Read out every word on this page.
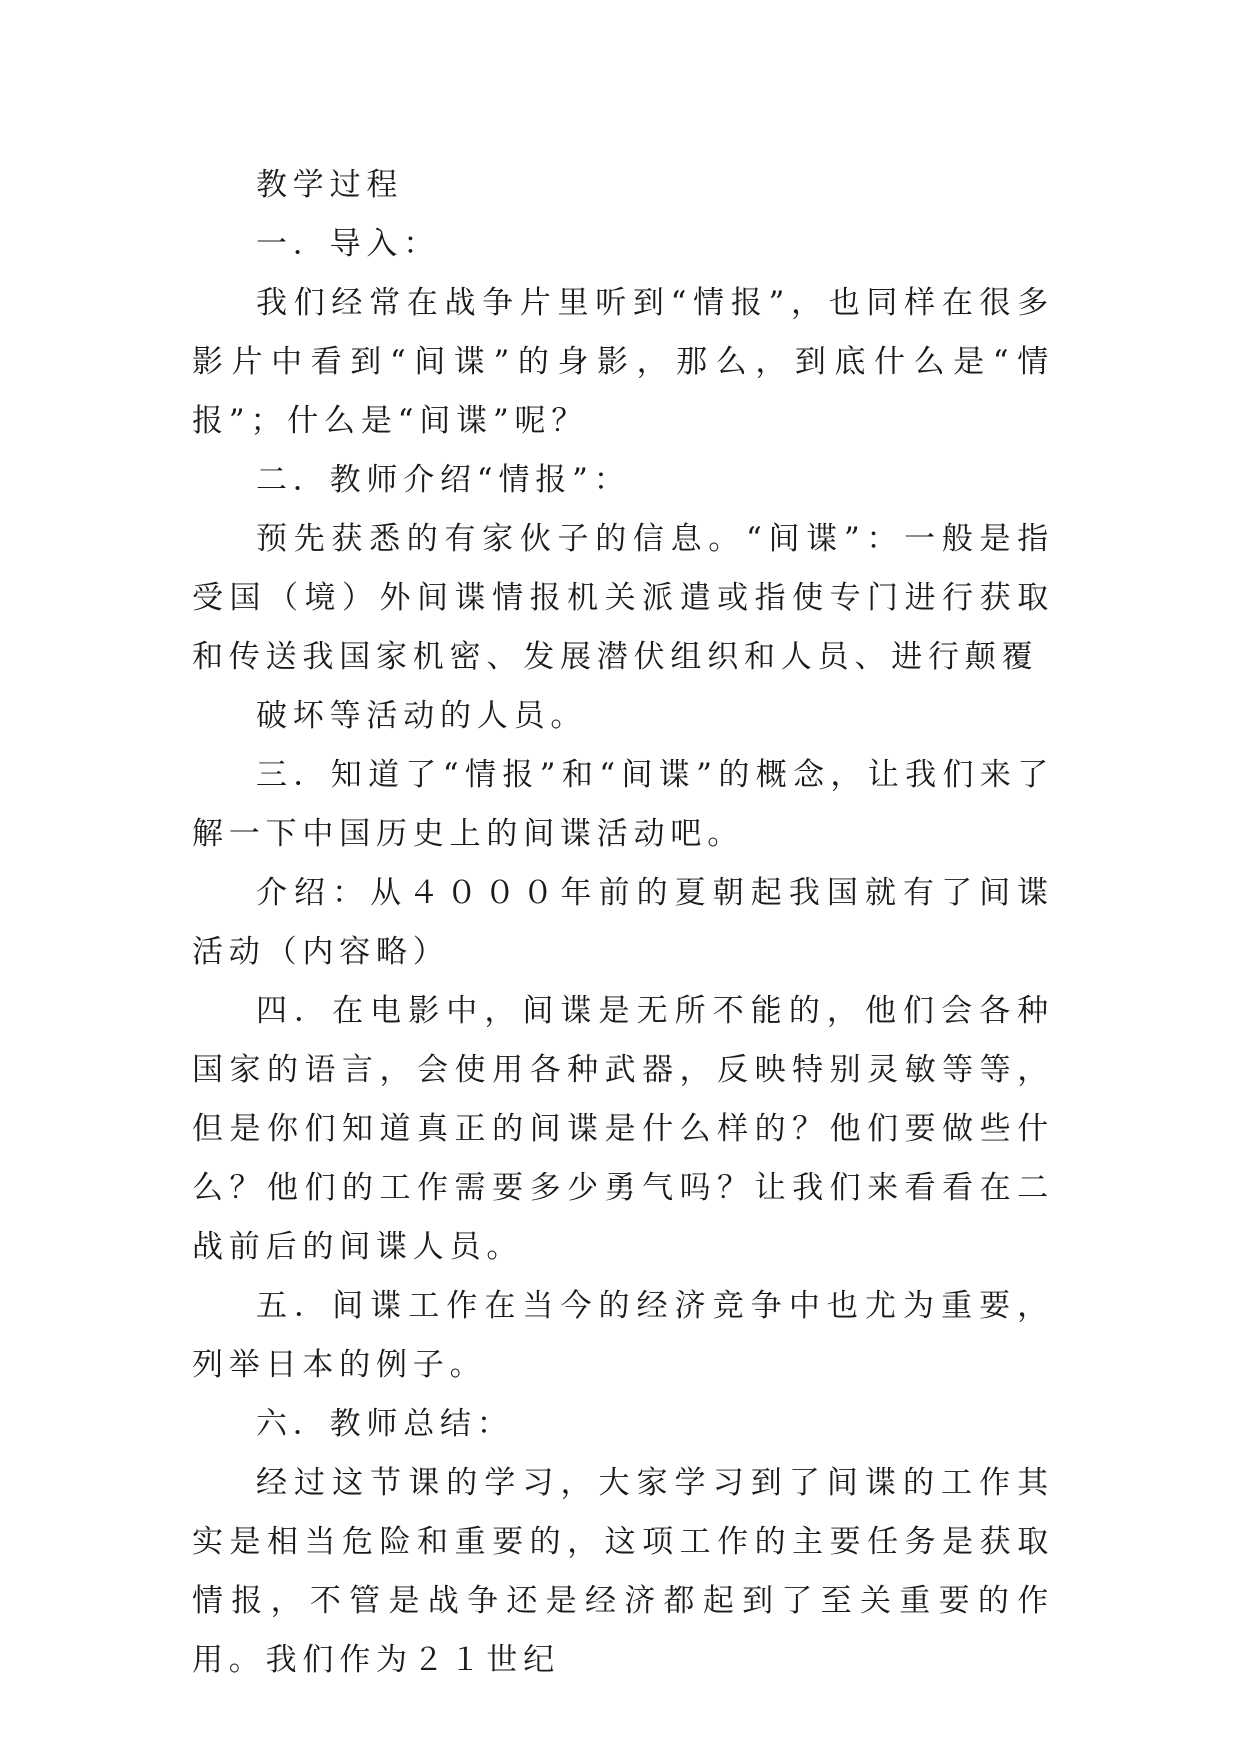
教学过程

一．导入：

我们经常在战争片里听到“情报”，也同样在很多影片中看到“间谍”的身影，那么，到底什么是“情报”；什么是“间谍”呢？

二．教师介绍“情报”：

预先获悉的有家伙子的信息。“间谍”：一般是指受国（境）外间谍情报机关派遣或指使专门进行获取和传送我国家机密、发展潜伏组织和人员、进行颠覆

破坏等活动的人员。

三．知道了“情报”和“间谍”的概念，让我们来了解一下中国历史上的间谍活动吧。

介绍：从４０００年前的夏朝起我国就有了间谍活动（内容略）

四．在电影中，间谍是无所不能的，他们会各种国家的语言，会使用各种武器，反映特别灵敏等等，但是你们知道真正的间谍是什么样的？他们要做些什么？他们的工作需要多少勇气吗？让我们来看看在二战前后的间谍人员。

五．间谍工作在当今的经济竞争中也尤为重要，列举日本的例子。

六．教师总结：

经过这节课的学习，大家学习到了间谍的工作其实是相当危险和重要的，这项工作的主要任务是获取情报，不管是战争还是经济都起到了至关重要的作用。我们作为２１世纪
